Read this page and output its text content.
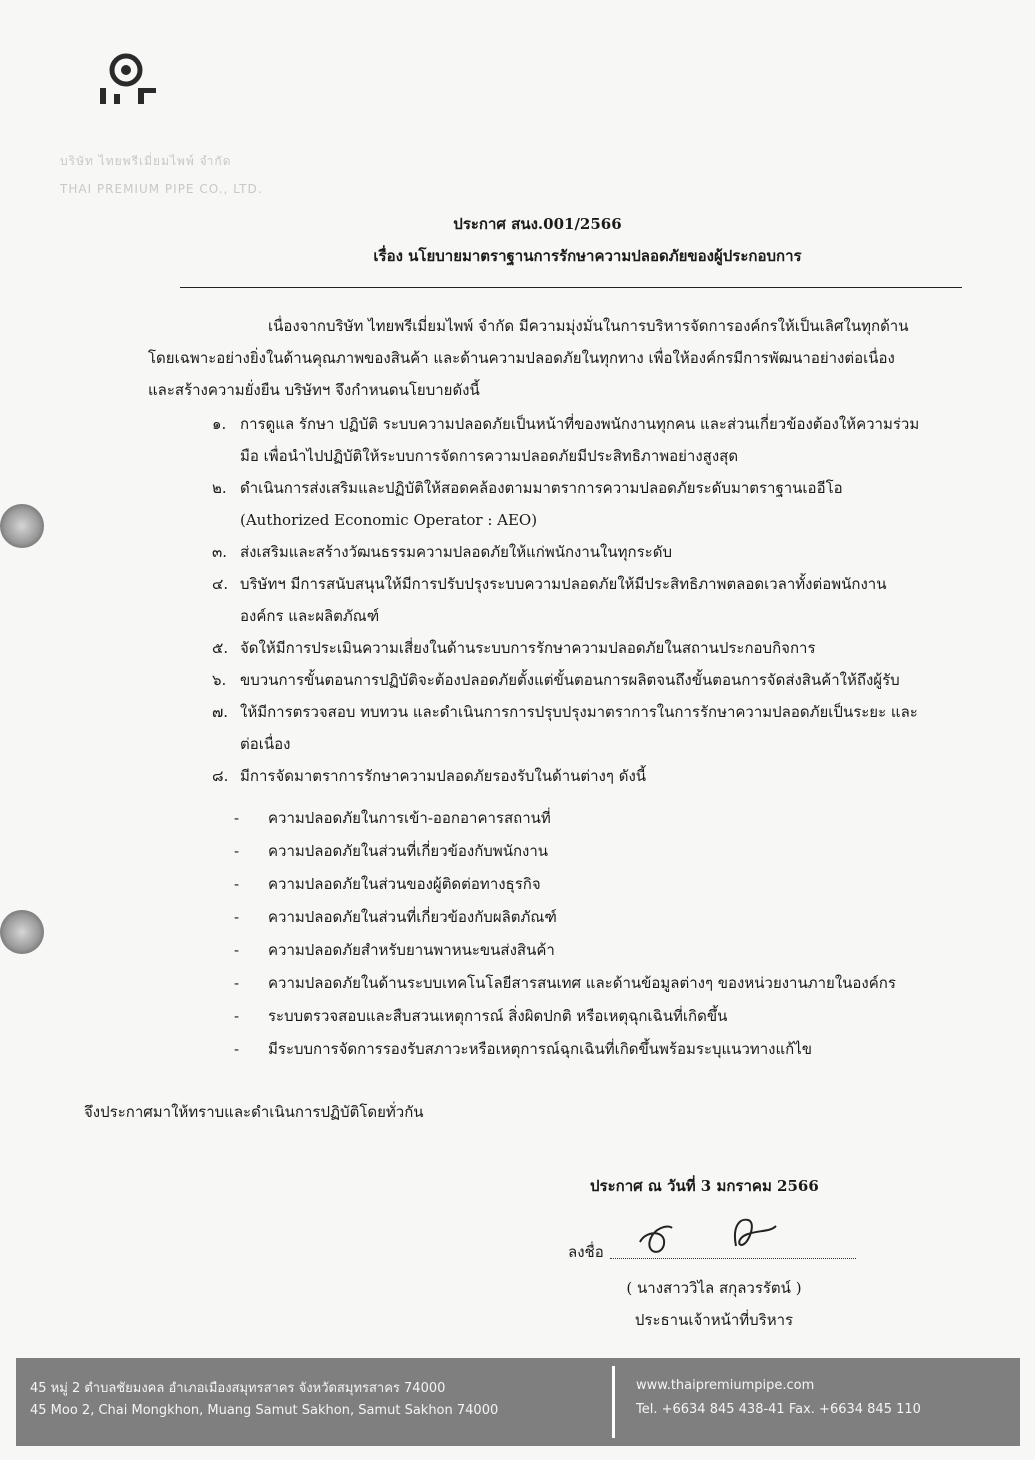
บริษัท ไทยพรีเมี่ยมไพพ์ จำกัด
THAI PREMIUM PIPE CO., LTD.
ประกาศ สนง.001/2566
เรื่อง นโยบายมาตราฐานการรักษาความปลอดภัยของผู้ประกอบการ
เนื่องจากบริษัท ไทยพรีเมี่ยมไพพ์ จำกัด มีความมุ่งมั่นในการบริหารจัดการองค์กรให้เป็นเลิศในทุกด้าน โดยเฉพาะอย่างยิ่งในด้านคุณภาพของสินค้า และด้านความปลอดภัยในทุกทาง เพื่อให้องค์กรมีการพัฒนาอย่างต่อเนื่องและสร้างความยั่งยืน บริษัทฯ จึงกำหนดนโยบายดังนี้
๑. การดูแล รักษา ปฏิบัติ ระบบความปลอดภัยเป็นหน้าที่ของพนักงานทุกคน และส่วนเกี่ยวข้องต้องให้ความร่วมมือ เพื่อนำไปปฏิบัติให้ระบบการจัดการความปลอดภัยมีประสิทธิภาพอย่างสูงสุด
๒. ดำเนินการส่งเสริมและปฏิบัติให้สอดคล้องตามมาตราการความปลอดภัยระดับมาตราฐานเออีโอ (Authorized Economic Operator : AEO)
๓. ส่งเสริมและสร้างวัฒนธรรมความปลอดภัยให้แก่พนักงานในทุกระดับ
๔. บริษัทฯ มีการสนับสนุนให้มีการปรับปรุงระบบความปลอดภัยให้มีประสิทธิภาพตลอดเวลาทั้งต่อพนักงาน องค์กร และผลิตภัณฑ์
๕. จัดให้มีการประเมินความเสี่ยงในด้านระบบการรักษาความปลอดภัยในสถานประกอบกิจการ
๖. ขบวนการขั้นตอนการปฏิบัติจะต้องปลอดภัยตั้งแต่ขั้นตอนการผลิตจนถึงขั้นตอนการจัดส่งสินค้าให้ถึงผู้รับ
๗. ให้มีการตรวจสอบ ทบทวน และดำเนินการการปรุบปรุงมาตราการในการรักษาความปลอดภัยเป็นระยะ และต่อเนื่อง
๘. มีการจัดมาตราการรักษาความปลอดภัยรองรับในด้านต่างๆ ดังนี้
- ความปลอดภัยในการเข้า-ออกอาคารสถานที่
- ความปลอดภัยในส่วนที่เกี่ยวข้องกับพนักงาน
- ความปลอดภัยในส่วนของผู้ติดต่อทางธุรกิจ
- ความปลอดภัยในส่วนที่เกี่ยวข้องกับผลิตภัณฑ์
- ความปลอดภัยสำหรับยานพาหนะขนส่งสินค้า
- ความปลอดภัยในด้านระบบเทคโนโลยีสารสนเทศ และด้านข้อมูลต่างๆ ของหน่วยงานภายในองค์กร
- ระบบตรวจสอบและสืบสวนเหตุการณ์ สิ่งผิดปกติ หรือเหตุฉุกเฉินที่เกิดขึ้น
- มีระบบการจัดการรองรับสภาวะหรือเหตุการณ์ฉุกเฉินที่เกิดขึ้นพร้อมระบุแนวทางแก้ไข
จึงประกาศมาให้ทราบและดำเนินการปฏิบัติโดยทั่วกัน
ประกาศ ณ วันที่ 3 มกราคม 2566
ลงชื่อ
( นางสาววิไล สกุลวรรัตน์ )
ประธานเจ้าหน้าที่บริหาร
45 หมู่ 2 ตำบลชัยมงคล อำเภอเมืองสมุทรสาคร จังหวัดสมุทรสาคร 74000
45 Moo 2, Chai Mongkhon, Muang Samut Sakhon, Samut Sakhon 74000
www.thaipremiumpipe.com
Tel. +6634 845 438-41 Fax. +6634 845 110
